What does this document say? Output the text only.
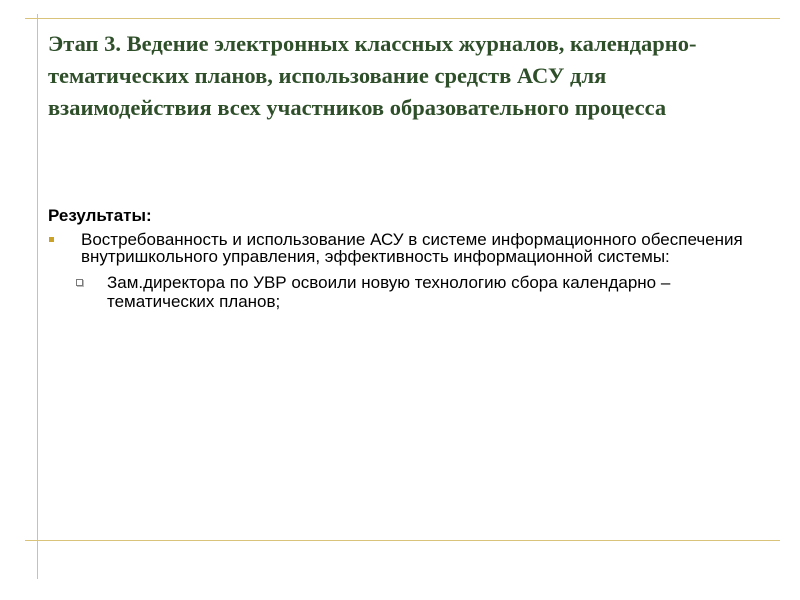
Этап 3. Ведение электронных классных журналов, календарно-тематических планов, использование средств АСУ для взаимодействия всех участников образовательного процесса

Результаты:

Востребованность и использование АСУ в системе информационного обеспечения внутришкольного управления, эффективность информационной системы:
Зам.директора по УВР освоили новую технологию сбора календарно –тематических планов;
